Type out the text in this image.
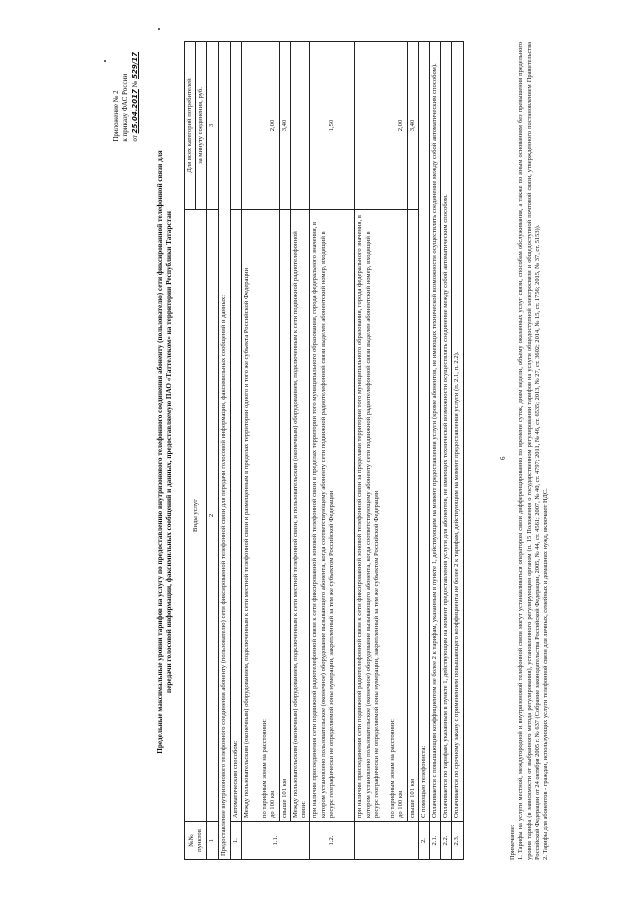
Приложение № 2 к приказу ФАС России от 25.04.2017 № 529/17
Предельные максимальные уровни тарифов на услугу по предоставлению внутризонового телефонного соединения абоненту (пользователю) сети фиксированной телефонной связи для передачи голосовой информации, факсимильных сообщений и данных, предоставляемую ПАО «Таттелеком» на территории Республики Татарстан
№№ пунктов	Виды услуг	Для всех категорий потребителей
		за минуту соединения, руб.
1	2	3
Предоставление внутризонового телефонного соединения абоненту (пользователю) сети фиксированной телефонной связи для передачи голосовой информации, факсимильных сообщений и данных:		
1.	Автоматическим способом:	
1.1.	Между пользовательским (оконечным) оборудованием, подключенным к сети местной телефонной связи и размещенным в пределах территории одного и того же субъекта Российской Федерации по тарифным зонам на расстоянии: до 100 км	2,00
	свыше 101 км	3,40
	Между пользовательским (оконечным) оборудованием, подключенным к сети местной телефонной связи, и пользовательским (оконечным) оборудованием, подключенным к сети подвижной радиотелефонной связи:	
1.2.	при наличии присоединения сети подвижной радиотелефонной связи к сети фиксированной зоновой телефонной связи в пределах территории того муниципального образования, города федерального значения, в котором установлено пользовательское (оконечное) оборудование вызывающего абонента, когда соответствующему абоненту сети подвижной радиотелефонной связи выделен абонентский номер, входящий в ресурс географически не определяемой зоны нумерации, закрепленный за тем же субъектом Российской Федерации	1,50

	при наличии присоединения сети подвижной радиотелефонной связи к сети фиксированной зоновой телефонной связи за пределами территории того муниципального образования, города федерального значения, в котором установлено пользовательское (оконечное) оборудование вызывающего абонента, когда соответствующему абоненту сети подвижной радиотелефонной связи выделен абонентский номер, входящий в ресурс географически не определяемой зоны нумерации, закрепленный за тем же субъектом Российской Федерации по тарифным зонам на расстоянии: до 100 км	2,00
	свыше 101 км	3,40
2.	С помощью телефониста:	
2.1.	Оплачивается с повышающим коэффициентом не более 2 к тарифам, указанным в пункте 1, действующим на момент предоставления услуги (кроме абонентов, не имеющих технической возможности осуществлять соединение между собой автоматическим способом).	
2.2.	Оплачивается по тарифам, указанным в пункте 1, действующим на момент предоставления услуги для абонентов, не имеющих технической возможности осуществлять соединение между собой автоматическим способом.	
2.3.	Оплачивается по срочному заказу с применением повышающего коэффициента не более 2 к тарифам, действующим на момент предоставления услуги (п. 2.1, п. 2.2).	
Примечание: 1. Тарифы на услуги местной, междугородной и внутризоновой телефонной связи могут устанавливаться оператором связи дифференцированно по времени суток, дням недели, объему оказанных услуг связи, способам обслуживания, а также по иным основаниям без превышения предельного уровня тарифа (в зависимости от выбранного метода регулирования), установленного регулирующим органом (п. 15 Положения о государственном регулировании тарифов на услуги общедоступной электросвязи и общедоступной почтовой связи, утвержденного постановлением Правительства Российской Федерации от 24 октября 2005 г. № 637 (Собрание законодательства Российской Федерации, 2005, № 44, ст. 4561; 2007, № 40, ст. 4797; 2011, № 46, ст. 6535; 2013, № 27, ст. 3602; 2014, № 15, ст. 1756; 2015, № 37, ст. 5153)). 2. Тарифы для абонентов - граждан, использующих услуги телефонной связи для личных, семейных и домашних нужд, включают НДС.
6
